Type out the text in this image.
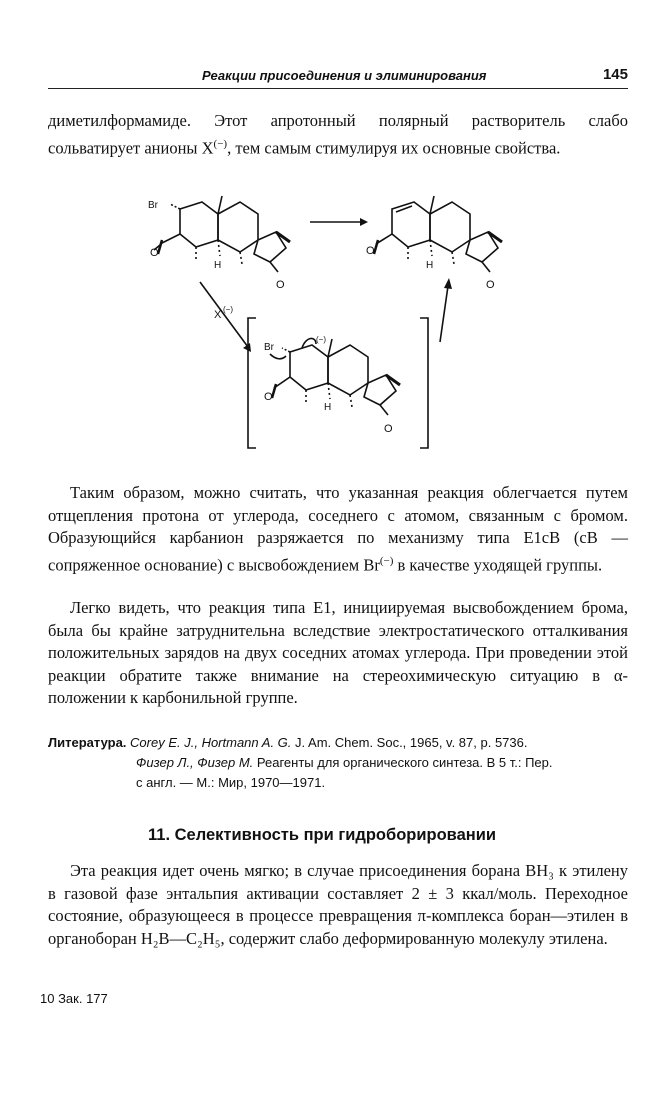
Реакции присоединения и элиминирования	145

диметилформамиде. Этот апротонный полярный растворитель слабо сольватирует анионы X(−), тем самым стимулируя их основные свойства.

Br
O
H
O
O
H
O
X (−)
Br
(−)
O
H
O

Таким образом, можно считать, что указанная реакция облегчается путем отщепления протона от углерода, соседнего с атомом, связанным с бромом. Образующийся карбанион разряжается по механизму типа E1cB (cB — сопряженное основание) с высвобождением Br(−) в качестве уходящей группы.

Легко видеть, что реакция типа E1, инициируемая высвобождением брома, была бы крайне затруднительна вследствие электростатического отталкивания положительных зарядов на двух соседних атомах углерода. При проведении этой реакции обратите также внимание на стереохимическую ситуацию в α-положении к карбонильной группе.

Литература. Corey E. J., Hortmann A. G. J. Am. Chem. Soc., 1965, v. 87, p. 5736.
Физер Л., Физер М. Реагенты для органического синтеза. В 5 т.: Пер.
с англ. — М.: Мир, 1970—1971.
11. Селективность при гидроборировании

Эта реакция идет очень мягко; в случае присоединения борана BH₃ к этилену в газовой фазе энтальпия активации составляет 2 ± 3 ккал/моль. Переходное состояние, образующееся в процессе превращения π-комплекса боран—этилен в органоборан H₂B—C₂H₅, содержит слабо деформированную молекулу этилена.

10 Зак. 177
